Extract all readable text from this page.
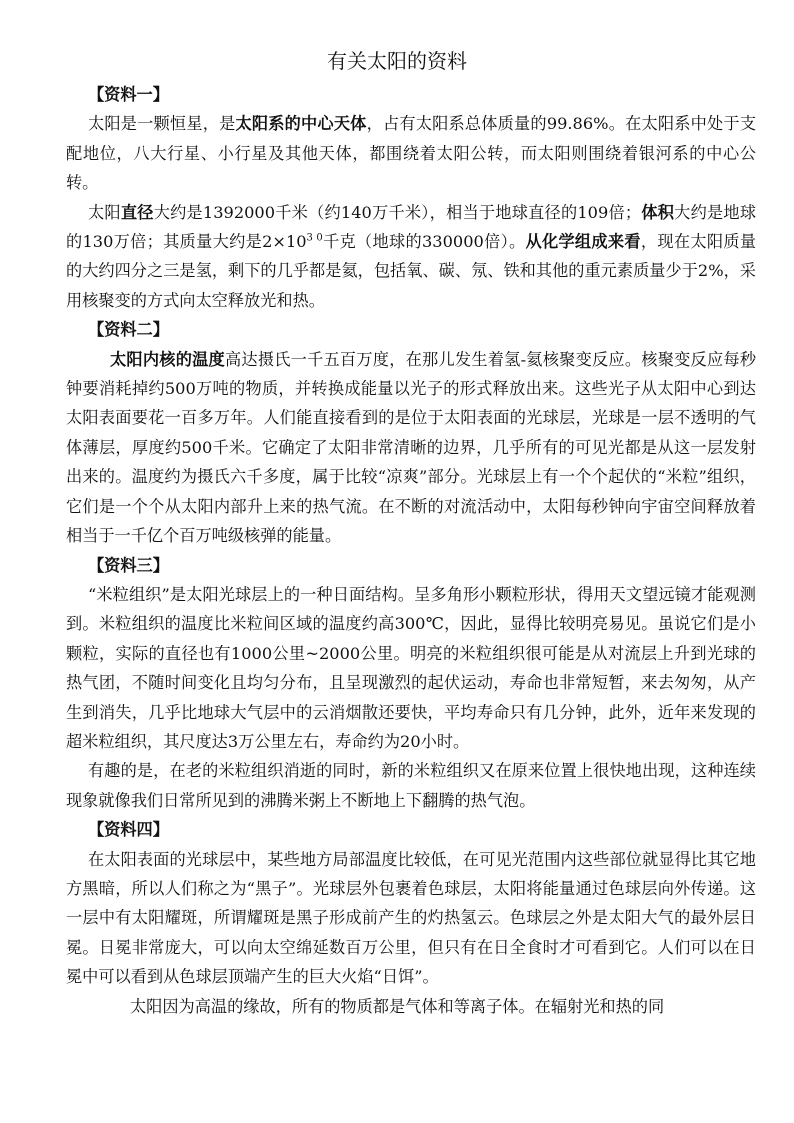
有关太阳的资料

【资料一】

太阳是一颗恒星，是太阳系的中心天体，占有太阳系总体质量的99.86%。在太阳系中处于支配地位，八大行星、小行星及其他天体，都围绕着太阳公转，而太阳则围绕着银河系的中心公转。

太阳直径大约是1392000千米（约140万千米），相当于地球直径的109倍；体积大约是地球的130万倍；其质量大约是$2\times 10^{3 0}$千克（地球的330000倍）。从化学组成来看，现在太阳质量的大约四分之三是氢，剩下的几乎都是氦，包括氧、碳、氖、铁和其他的重元素质量少于2%，采用核聚变的方式向太空释放光和热。

【资料二】

太阳内核的温度高达摄氏一千五百万度，在那儿发生着氢-氦核聚变反应。核聚变反应每秒钟要消耗掉约500万吨的物质，并转换成能量以光子的形式释放出来。这些光子从太阳中心到达太阳表面要花一百多万年。人们能直接看到的是位于太阳表面的光球层，光球是一层不透明的气体薄层，厚度约500千米。它确定了太阳非常清晰的边界，几乎所有的可见光都是从这一层发射出来的。温度约为摄氏六千多度，属于比较“凉爽”部分。光球层上有一个个起伏的“米粒”组织，它们是一个个从太阳内部升上来的热气流。在不断的对流活动中，太阳每秒钟向宇宙空间释放着相当于一千亿个百万吨级核弹的能量。

【资料三】

“米粒组织”是太阳光球层上的一种日面结构。呈多角形小颗粒形状，得用天文望远镜才能观测到。米粒组织的温度比米粒间区域的温度约高300℃，因此，显得比较明亮易见。虽说它们是小颗粒，实际的直径也有1000公里~2000公里。明亮的米粒组织很可能是从对流层上升到光球的热气团，不随时间变化且均匀分布，且呈现激烈的起伏运动，寿命也非常短暂，来去匆匆，从产生到消失，几乎比地球大气层中的云消烟散还要快，平均寿命只有几分钟，此外，近年来发现的超米粒组织，其尺度达3万公里左右，寿命约为20小时。

有趣的是，在老的米粒组织消逝的同时，新的米粒组织又在原来位置上很快地出现，这种连续现象就像我们日常所见到的沸腾米粥上不断地上下翻腾的热气泡。

【资料四】

在太阳表面的光球层中，某些地方局部温度比较低，在可见光范围内这些部位就显得比其它地方黑暗，所以人们称之为“黑子”。光球层外包裹着色球层，太阳将能量通过色球层向外传递。这一层中有太阳耀斑，所谓耀斑是黑子形成前产生的灼热氢云。色球层之外是太阳大气的最外层日冕。日冕非常庞大，可以向太空绵延数百万公里，但只有在日全食时才可看到它。人们可以在日冕中可以看到从色球层顶端产生的巨大火焰“日饵”。

太阳因为高温的缘故，所有的物质都是气体和等离子体。在辐射光和热的同
